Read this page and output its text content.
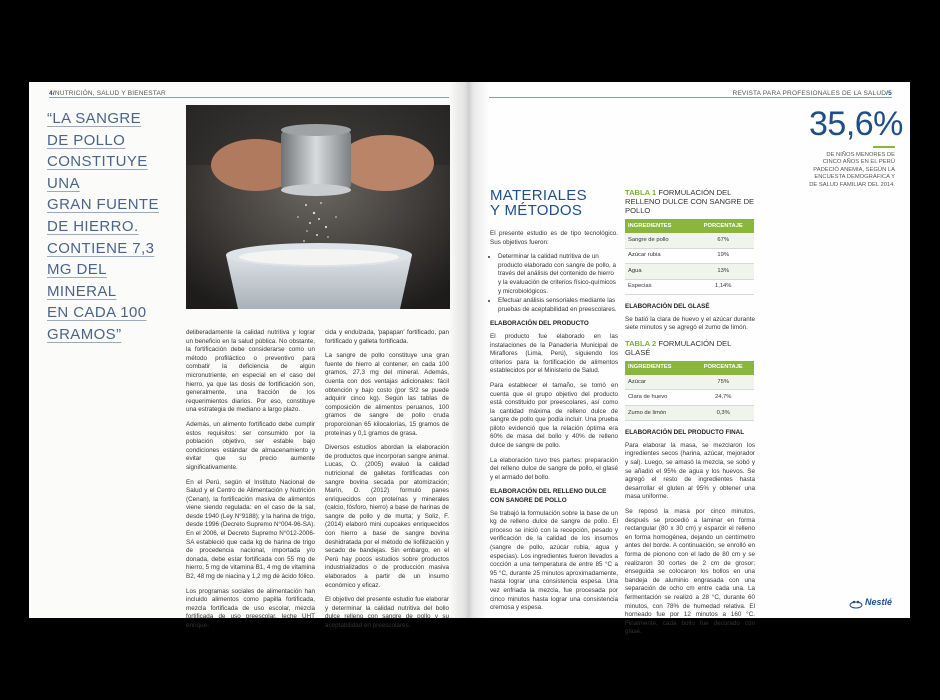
4/NUTRICIÓN, SALUD Y BIENESTAR
“LA SANGRE
DE POLLO
CONSTITUYE UNA
GRAN FUENTE
DE HIERRO.
CONTIENE 7,3
MG DEL MINERAL
EN CADA 100
GRAMOS”	deliberadamente la calidad nutritiva y lograr un beneficio en la salud pública. No obstante, la fortificación debe considerarse como un método profiláctico o preventivo para combatir la deficiencia de algún micronutriente, en especial en el caso del hierro, ya que las dosis de fortificación son, generalmente, una fracción de los requerimientos diarios. Por eso, constituye una estrategia de mediano a largo plazo.

Además, un alimento fortificado debe cumplir estos requisitos: ser consumido por la población objetivo, ser estable bajo condiciones estándar de almacenamiento y evitar que su precio aumente significativamente.

En el Perú, según el Instituto Nacional de Salud y el Centro de Alimentación y Nutrición (Cenan), la fortificación masiva de alimentos viene siendo regulada: en el caso de la sal, desde 1940 (Ley N°9188); y la harina de trigo, desde 1996 (Decreto Supremo N°004-96-SA). En el 2006, el Decreto Supremo N°012-2006-SA estableció que cada kg de harina de trigo de procedencia nacional, importada y/o donada, debe estar fortificada con 55 mg de hierro, 5 mg de vitamina B1, 4 mg de vitamina B2, 48 mg de niacina y 1,2 mg de ácido fólico.

Los programas sociales de alimentación han incluido alimentos como papilla fortificada, mezcla fortificada de uso escolar, mezcla fortificada de uso preescolar, leche UHT enrique-

cida y endulzada, 'papapan' fortificado, pan fortificado y galleta fortificada.

La sangre de pollo constituye una gran fuente de hierro al contener, en cada 100 gramos, 27,3 mg del mineral. Además, cuenta con dos ventajas adicionales: fácil obtención y bajo costo (por S/2 se puede adquirir cinco kg). Según las tablas de composición de alimentos peruanos, 100 gramos de sangre de pollo cruda proporcionan 65 kilocalorías, 15 gramos de proteínas y 0,1 gramos de grasa.

Diversos estudios abordan la elaboración de productos que incorporan sangre animal. Lucas, O. (2005) evaluó la calidad nutricional de galletas fortificadas con sangre bovina secada por atomización; Marín, O. (2012) formuló panes enriquecidos con proteínas y minerales (calcio, fósforo, hierro) a base de harinas de sangre de pollo y de murta; y Soliz, F. (2014) elaboró mini cupcakes enriquecidos con hierro a base de sangre bovina deshidratada por el método de liofilización y secado de bandejas. Sin embargo, en el Perú hay pocos estudios sobre productos industrializados o de producción masiva elaborados a partir de un insumo económico y eficaz.

El objetivo del presente estudio fue elaborar y determinar la calidad nutritiva del bollo dulce relleno con sangre de pollo y su aceptabilidad en preescolares.

REVISTA PARA PROFESIONALES DE LA SALUD/5
MATERIALES
Y MÉTODOS

El presente estudio es de tipo tecnológico. Sus objetivos fueron:

• Determinar la calidad nutritiva de un producto elaborado con sangre de pollo, a través del análisis del contenido de hierro y la evaluación de criterios físico-químicos y microbiológicos.
• Efectuar análisis sensoriales mediante las pruebas de aceptabilidad en preescolares.
ELABORACIÓN DEL PRODUCTO

El producto fue elaborado en las instalaciones de la Panadería Municipal de Miraflores (Lima, Perú), siguiendo los criterios para la fortificación de alimentos establecidos por el Ministerio de Salud.

Para establecer el tamaño, se tomó en cuenta que el grupo objetivo del producto está constituido por preescolares, así como la cantidad máxima de relleno dulce de sangre de pollo que podía incluir. Una prueba piloto evidenció que la relación óptima era 60% de masa del bollo y 40% de relleno dulce de sangre de pollo.

La elaboración tuvo tres partes: preparación del relleno dulce de sangre de pollo, el glasé y el armado del bollo.

ELABORACIÓN DEL RELLENO DULCE CON SANGRE DE POLLO

Se trabajó la formulación sobre la base de un kg de relleno dulce de sangre de pollo. El proceso se inició con la recepción, pesado y verificación de la calidad de los insumos (sangre de pollo, azúcar rubia, agua y especias). Los ingredientes fueron llevados a cocción a una temperatura de entre 85 °C a 95 °C, durante 25 minutos aproximadamente, hasta lograr una consistencia espesa. Una vez enfriada la mezcla, fue procesada por cinco minutos hasta lograr una consistencia cremosa y espesa.

TABLA 1 FORMULACIÓN DEL RELLENO DULCE CON SANGRE DE POLLO
INGREDIENTES	PORCENTAJE
Sangre de pollo	67%
Azúcar rubia	19%
Agua	13%
Especias	1,14%
ELABORACIÓN DEL GLASÉ

Se batió la clara de huevo y el azúcar durante siete minutos y se agregó el zumo de limón.

TABLA 2 FORMULACIÓN DEL GLASÉ
INGREDIENTES	PORCENTAJE
Azúcar	75%
Clara de huevo	24,7%
Zumo de limón	0,3%
ELABORACIÓN DEL PRODUCTO FINAL

Para elaborar la masa, se mezclaron los ingredientes secos (harina, azúcar, mejorador y sal). Luego, se amasó la mezcla, se sobó y se añadió el 95% de agua y los huevos. Se agregó el resto de ingredientes hasta desarrollar el gluten al 95% y obtener una masa uniforme.

Se reposó la masa por cinco minutos, después se procedió a laminar en forma rectangular (80 x 30 cm) y esparcir el relleno en forma homogénea, dejando un centímetro antes del borde. A continuación, se enrolló en forma de pionono con el lado de 80 cm y se realizaron 30 cortes de 2 cm de grosor; enseguida se colocaron los bollos en una bandeja de aluminio engrasada con una separación de ocho cm entre cada una. La fermentación se realizó a 28 °C, durante 60 minutos, con 78% de humedad relativa. El horneado fue por 12 minutos a 160 °C. Finalmente, cada bollo fue decorado con glasé.

35,6%
DE NIÑOS MENORES DE CINCO AÑOS EN EL PERÚ PADECIÓ ANEMIA, SEGÚN LA ENCUESTA DEMOGRÁFICA Y DE SALUD FAMILIAR DEL 2014.
Nestlé
